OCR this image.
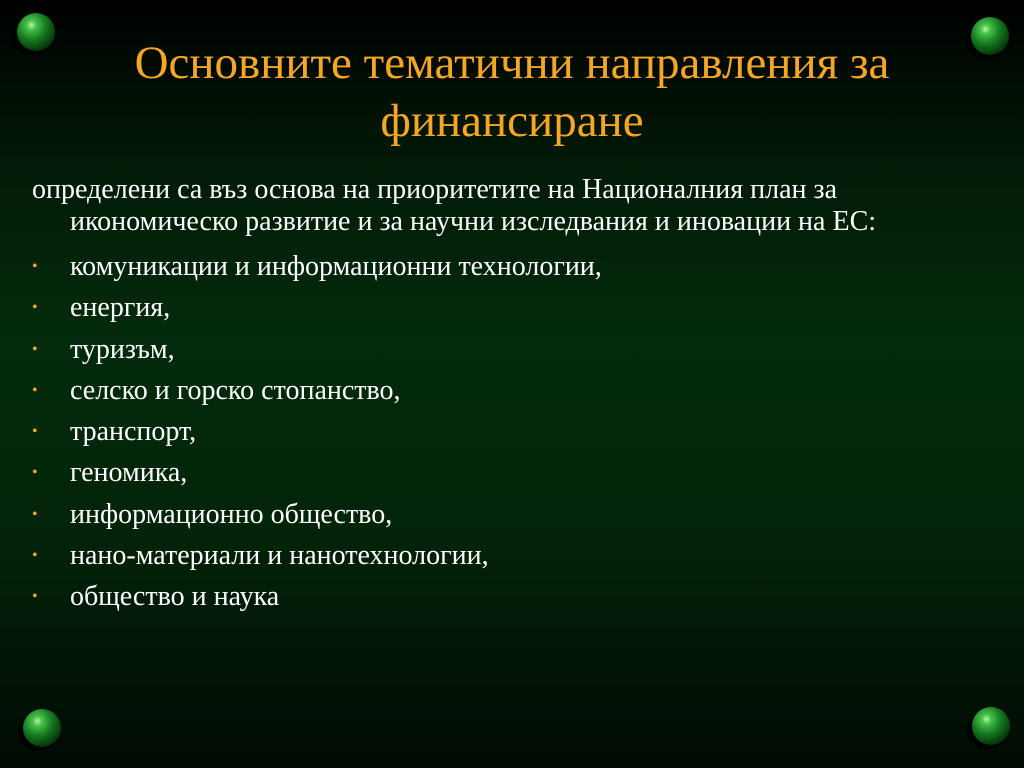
Основните тематични направления за финансиране

определени са въз основа на приоритетите на Националния план за икономическо развитие и за научни изследвания и иновации на ЕС:

• комуникации и информационни технологии,
• енергия,
• туризъм,
• селско и горско стопанство,
• транспорт,
• геномика,
• информационно общество,
• нано-материали и нанотехнологии,
• общество и наука
